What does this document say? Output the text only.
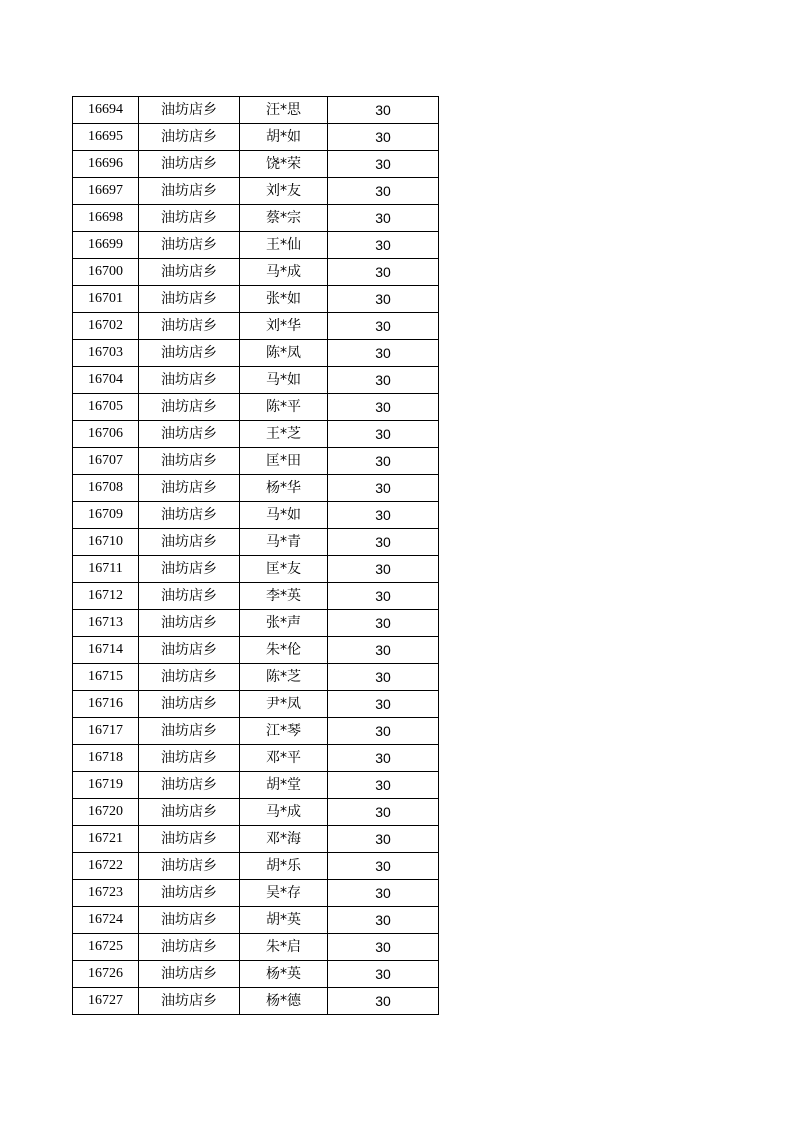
16694	油坊店乡	汪*思	30
16695	油坊店乡	胡*如	30
16696	油坊店乡	饶*荣	30
16697	油坊店乡	刘*友	30
16698	油坊店乡	蔡*宗	30
16699	油坊店乡	王*仙	30
16700	油坊店乡	马*成	30
16701	油坊店乡	张*如	30
16702	油坊店乡	刘*华	30
16703	油坊店乡	陈*凤	30
16704	油坊店乡	马*如	30
16705	油坊店乡	陈*平	30
16706	油坊店乡	王*芝	30
16707	油坊店乡	匡*田	30
16708	油坊店乡	杨*华	30
16709	油坊店乡	马*如	30
16710	油坊店乡	马*青	30
16711	油坊店乡	匡*友	30
16712	油坊店乡	李*英	30
16713	油坊店乡	张*声	30
16714	油坊店乡	朱*伦	30
16715	油坊店乡	陈*芝	30
16716	油坊店乡	尹*凤	30
16717	油坊店乡	江*琴	30
16718	油坊店乡	邓*平	30
16719	油坊店乡	胡*堂	30
16720	油坊店乡	马*成	30
16721	油坊店乡	邓*海	30
16722	油坊店乡	胡*乐	30
16723	油坊店乡	吴*存	30
16724	油坊店乡	胡*英	30
16725	油坊店乡	朱*启	30
16726	油坊店乡	杨*英	30
16727	油坊店乡	杨*德	30
